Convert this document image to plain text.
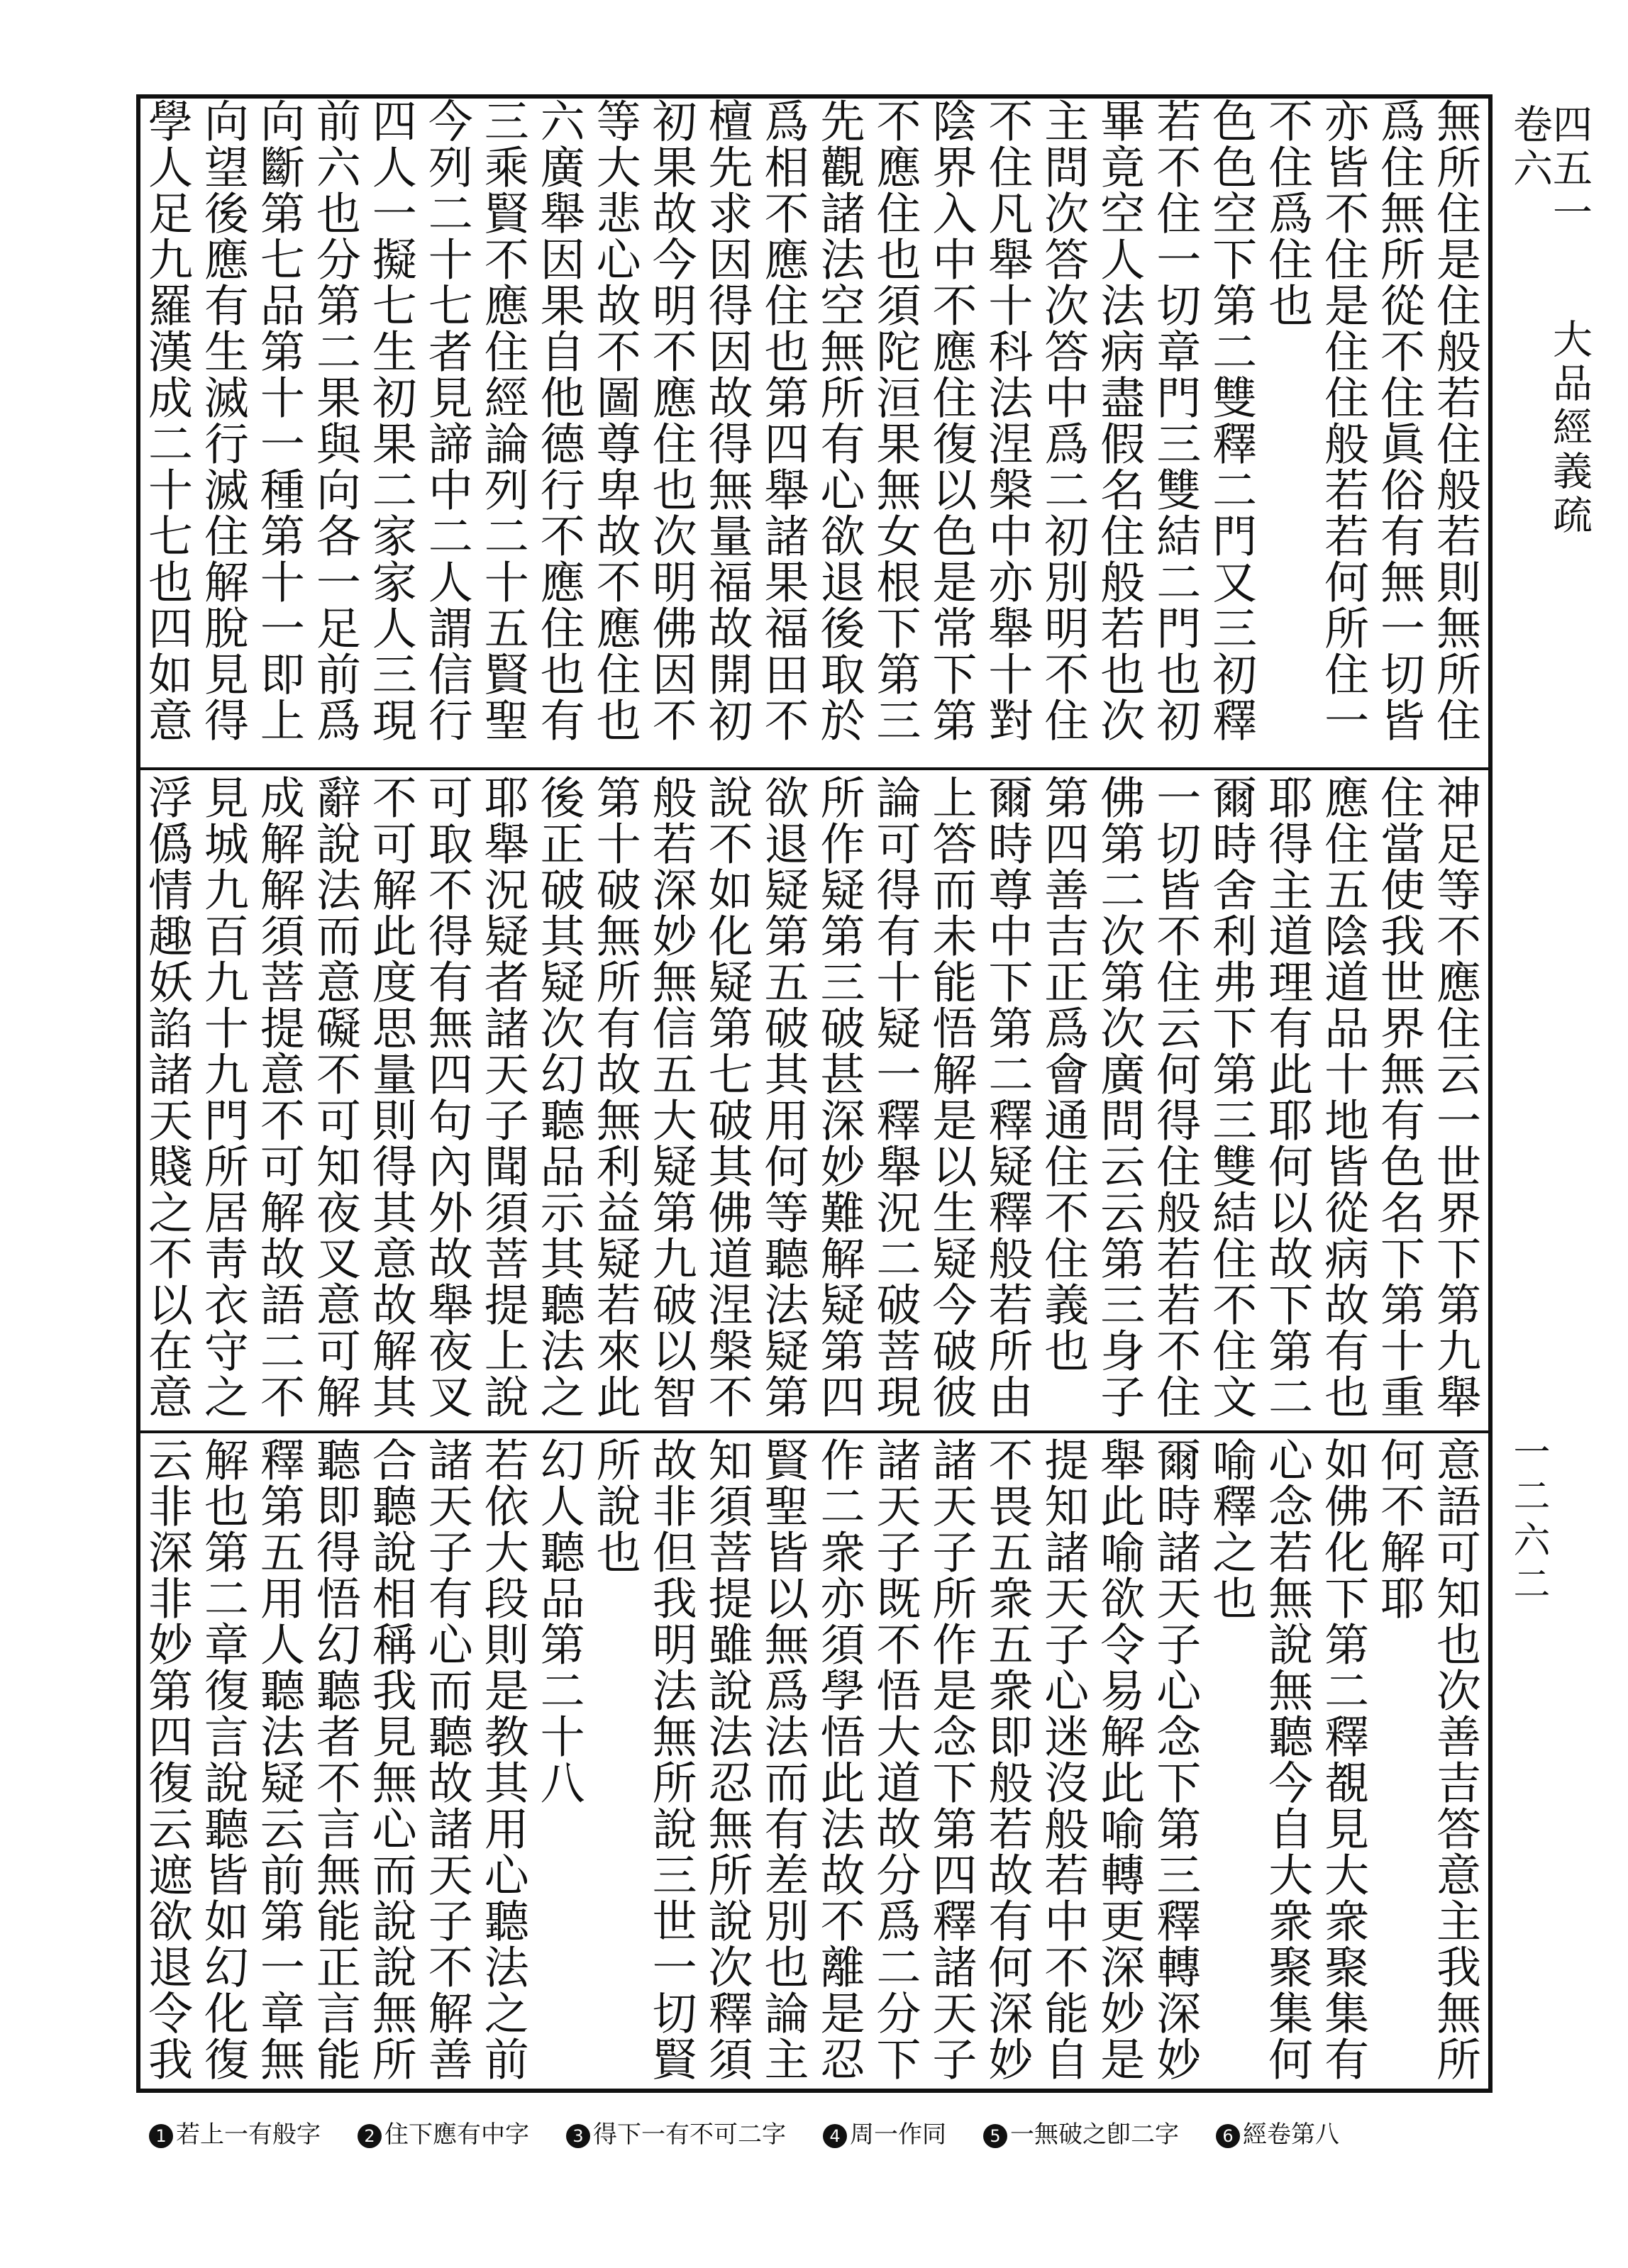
四五一 大品經義疏卷六
一二六二
無所住是住般若住般若則無所住
爲住無所從不住眞俗有無一切皆
亦皆不住是住住般若若何所住一
不住爲住也
色色空下第二雙釋二門又三初釋
若不住一切章門三雙結二門也初
畢竟空人法病盡假名住般若也次
主問次答次答中爲二初別明不住
不住凡舉十科法涅槃中亦舉十對
陰界入中不應住復以色是常下第
不應住也須陀洹果無女根下第三
先觀諸法空無所有心欲退後取於
爲相不應住也第四舉諸果福田不
檀先求因得因故得無量福故開初
初果故今明不應住也次明佛因不
等大悲心故不圖尊卑故不應住也
六廣舉因果自他德行不應住也有
三乘賢不應住經論列二十五賢聖
今列二十七者見諦中二人謂信行
四人一擬七生初果二家家人三現
前六也分第二果與向各一足前爲
向斷第七品第十一種第十一即上
向望後應有生滅行滅住解脫見得
學人足九羅漢成二十七也四如意
神足等不應住云一世界下第九舉
住當使我世界無有色名下第十重
應住五陰道品十地皆從病故有也
耶得主道理有此耶何以故下第二
爾時舍利弗下第三雙結住不住文
一切皆不住云何得住般若若不住
佛第二次第次廣問云云第三身子
第四善吉正爲會通住不住義也
爾時尊中下第二釋疑釋般若所由
上答而未能悟解是以生疑今破彼
論可得有十疑一釋舉況二破菩現
所作疑第三破甚深妙難解疑第四
欲退疑第五破其用何等聽法疑第
說不如化疑第七破其佛道涅槃不
般若深妙無信五大疑第九破以智
第十破無所有故無利益疑若來此
後正破其疑次幻聽品示其聽法之
耶舉況疑者諸天子聞須菩提上說
可取不得有無四句內外故舉夜叉
不可解此度思量則得其意故解其
辭說法而意礙不可知夜叉意可解
成解解須菩提意不可解故語二不
見城九百九十九門所居靑衣守之
浮僞情趣妖諂諸天賤之不以在意
意語可知也次善吉答意主我無所
何不解耶
如佛化下第二釋覩見大衆聚集有
心念若無說無聽今自大衆聚集何
喻釋之也
爾時諸天子心念下第三釋轉深妙
舉此喻欲令易解此喻轉更深妙是
提知諸天子心迷沒般若中不能自
不畏五衆五衆即般若故有何深妙
諸天子所作是念下第四釋諸天子
諸天子既不悟大道故分爲二分下
作二衆亦須學悟此法故不離是忍
賢聖皆以無爲法而有差別也論主
知須菩提雖說法忍無所說次釋須
故非但我明法無所說三世一切賢
所說也
幻人聽品第二十八
若依大段則是教其用心聽法之前
諸天子有心而聽故諸天子不解善
合聽說相稱我見無心而說說無所
聽即得悟幻聽者不言無能正言能
釋第五用人聽法疑云前第一章無
解也第二章復言說聽皆如幻化復
云非深非妙第四復云遮欲退令我
1 若上一有般字	2 住下應有中字	3 得下一有不可二字	4 周一作同	5 一無破之卽二字	6 經卷第八
